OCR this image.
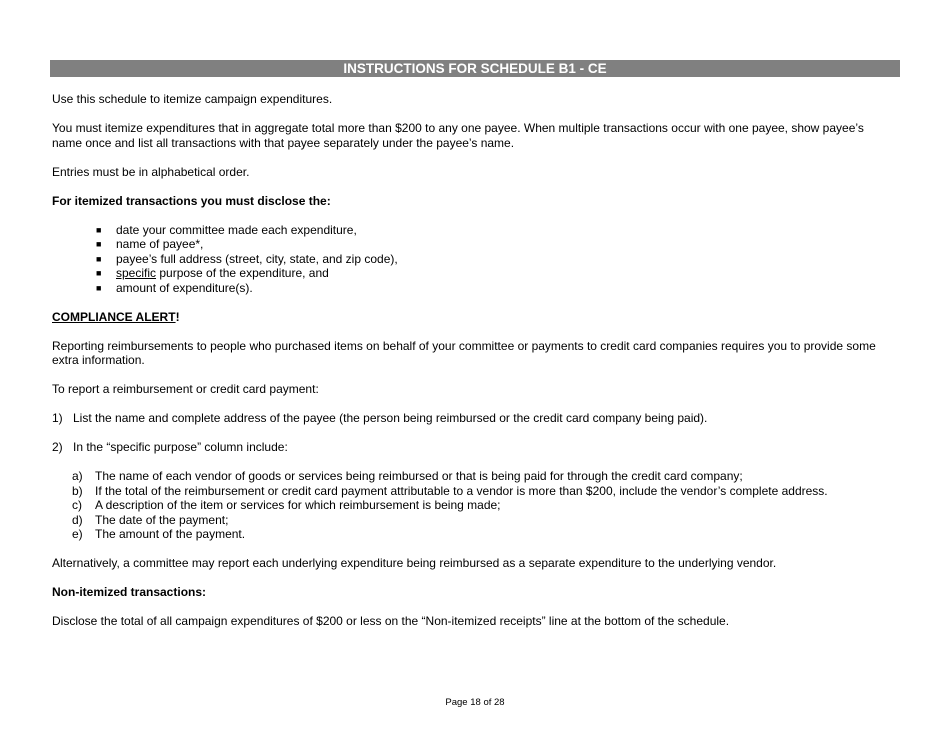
INSTRUCTIONS FOR SCHEDULE B1 - CE

Use this schedule to itemize campaign expenditures.

You must itemize expenditures that in aggregate total more than $200 to any one payee. When multiple transactions occur with one payee, show payee’s name once and list all transactions with that payee separately under the payee’s name.

Entries must be in alphabetical order.

For itemized transactions you must disclose the:

■ date your committee made each expenditure,
■ name of payee*,
■ payee’s full address (street, city, state, and zip code),
■ specific purpose of the expenditure, and
■ amount of expenditure(s).

COMPLIANCE ALERT!

Reporting reimbursements to people who purchased items on behalf of your committee or payments to credit card companies requires you to provide some extra information.

To report a reimbursement or credit card payment:

1) List the name and complete address of the payee (the person being reimbursed or the credit card company being paid).
2) In the “specific purpose” column include:
a) The name of each vendor of goods or services being reimbursed or that is being paid for through the credit card company;
b) If the total of the reimbursement or credit card payment attributable to a vendor is more than $200, include the vendor’s complete address.
c) A description of the item or services for which reimbursement is being made;
d) The date of the payment;
e) The amount of the payment.

Alternatively, a committee may report each underlying expenditure being reimbursed as a separate expenditure to the underlying vendor.

Non-itemized transactions:

Disclose the total of all campaign expenditures of $200 or less on the “Non-itemized receipts” line at the bottom of the schedule.

Page 18 of 28
